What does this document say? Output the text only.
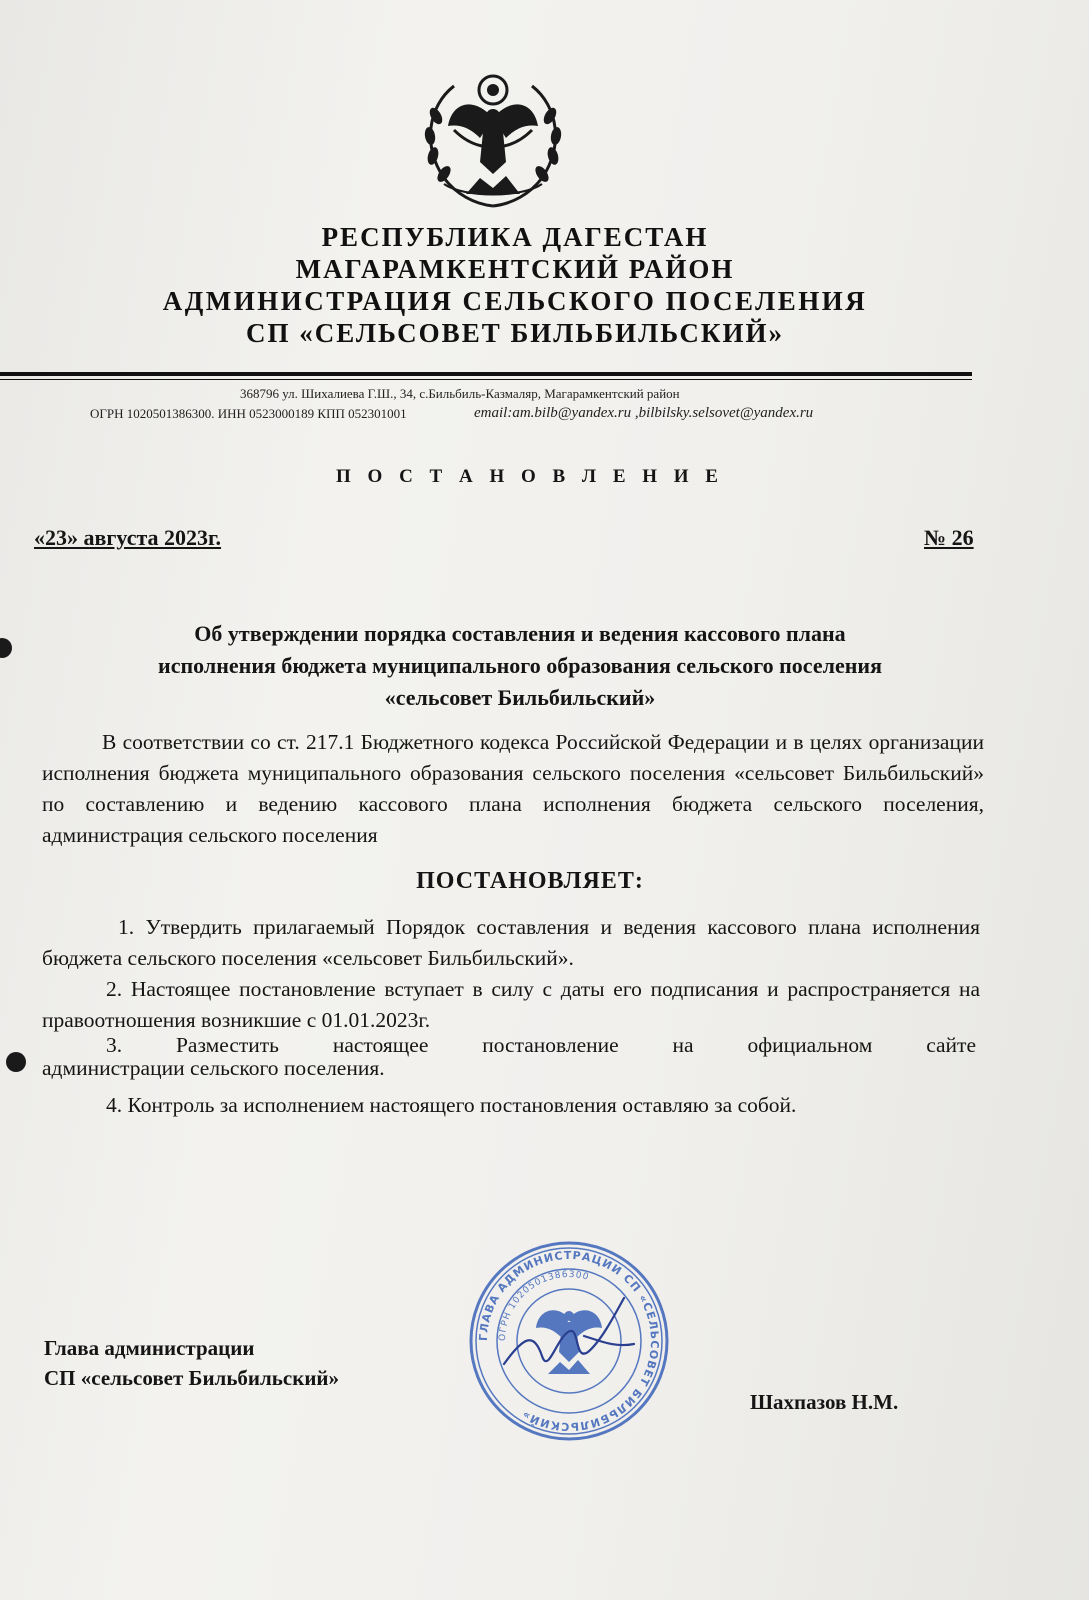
РЕСПУБЛИКА ДАГЕСТАН
МАГАРАМКЕНТСКИЙ РАЙОН
АДМИНИСТРАЦИЯ СЕЛЬСКОГО ПОСЕЛЕНИЯ
СП «СЕЛЬСОВЕТ БИЛЬБИЛЬСКИЙ»
368796 ул. Шихалиева Г.Ш., 34, с.Бильбиль-Казмаляр, Магарамкентский район
ОГРН 1020501386300. ИНН 0523000189 КПП 052301001	email:am.bilb@yandex.ru ,bilbilsky.selsovet@yandex.ru
П О С Т А Н О В Л Е Н И Е
«23» августа 2023г.	№ 26
Об утверждении порядка составления и ведения кассового плана
исполнения бюджета муниципального образования сельского поселения
«сельсовет Бильбильский»
В соответствии со ст. 217.1 Бюджетного кодекса Российской Федерации и в целях организации исполнения бюджета муниципального образования сельского поселения «сельсовет Бильбильский» по составлению и ведению кассового плана исполнения бюджета сельского поселения, администрация сельского поселения
ПОСТАНОВЛЯЕТ:
1. Утвердить прилагаемый Порядок составления и ведения кассового плана исполнения бюджета сельского поселения «сельсовет Бильбильский».
2. Настоящее постановление вступает в силу с даты его подписания и распространяется на правоотношения возникшие с 01.01.2023г.
3. Разместить настоящее постановление на официальном сайте
администрации сельского поселения.
4. Контроль за исполнением настоящего постановления оставляю за собой.
Глава администрации
СП «сельсовет Бильбильский»
ГЛАВА АДМИНИСТРАЦИИ СП «СЕЛЬСОВЕТ БИЛЬБИЛЬСКИЙ»
ОГРН 1020501386300
Шахпазов Н.М.
